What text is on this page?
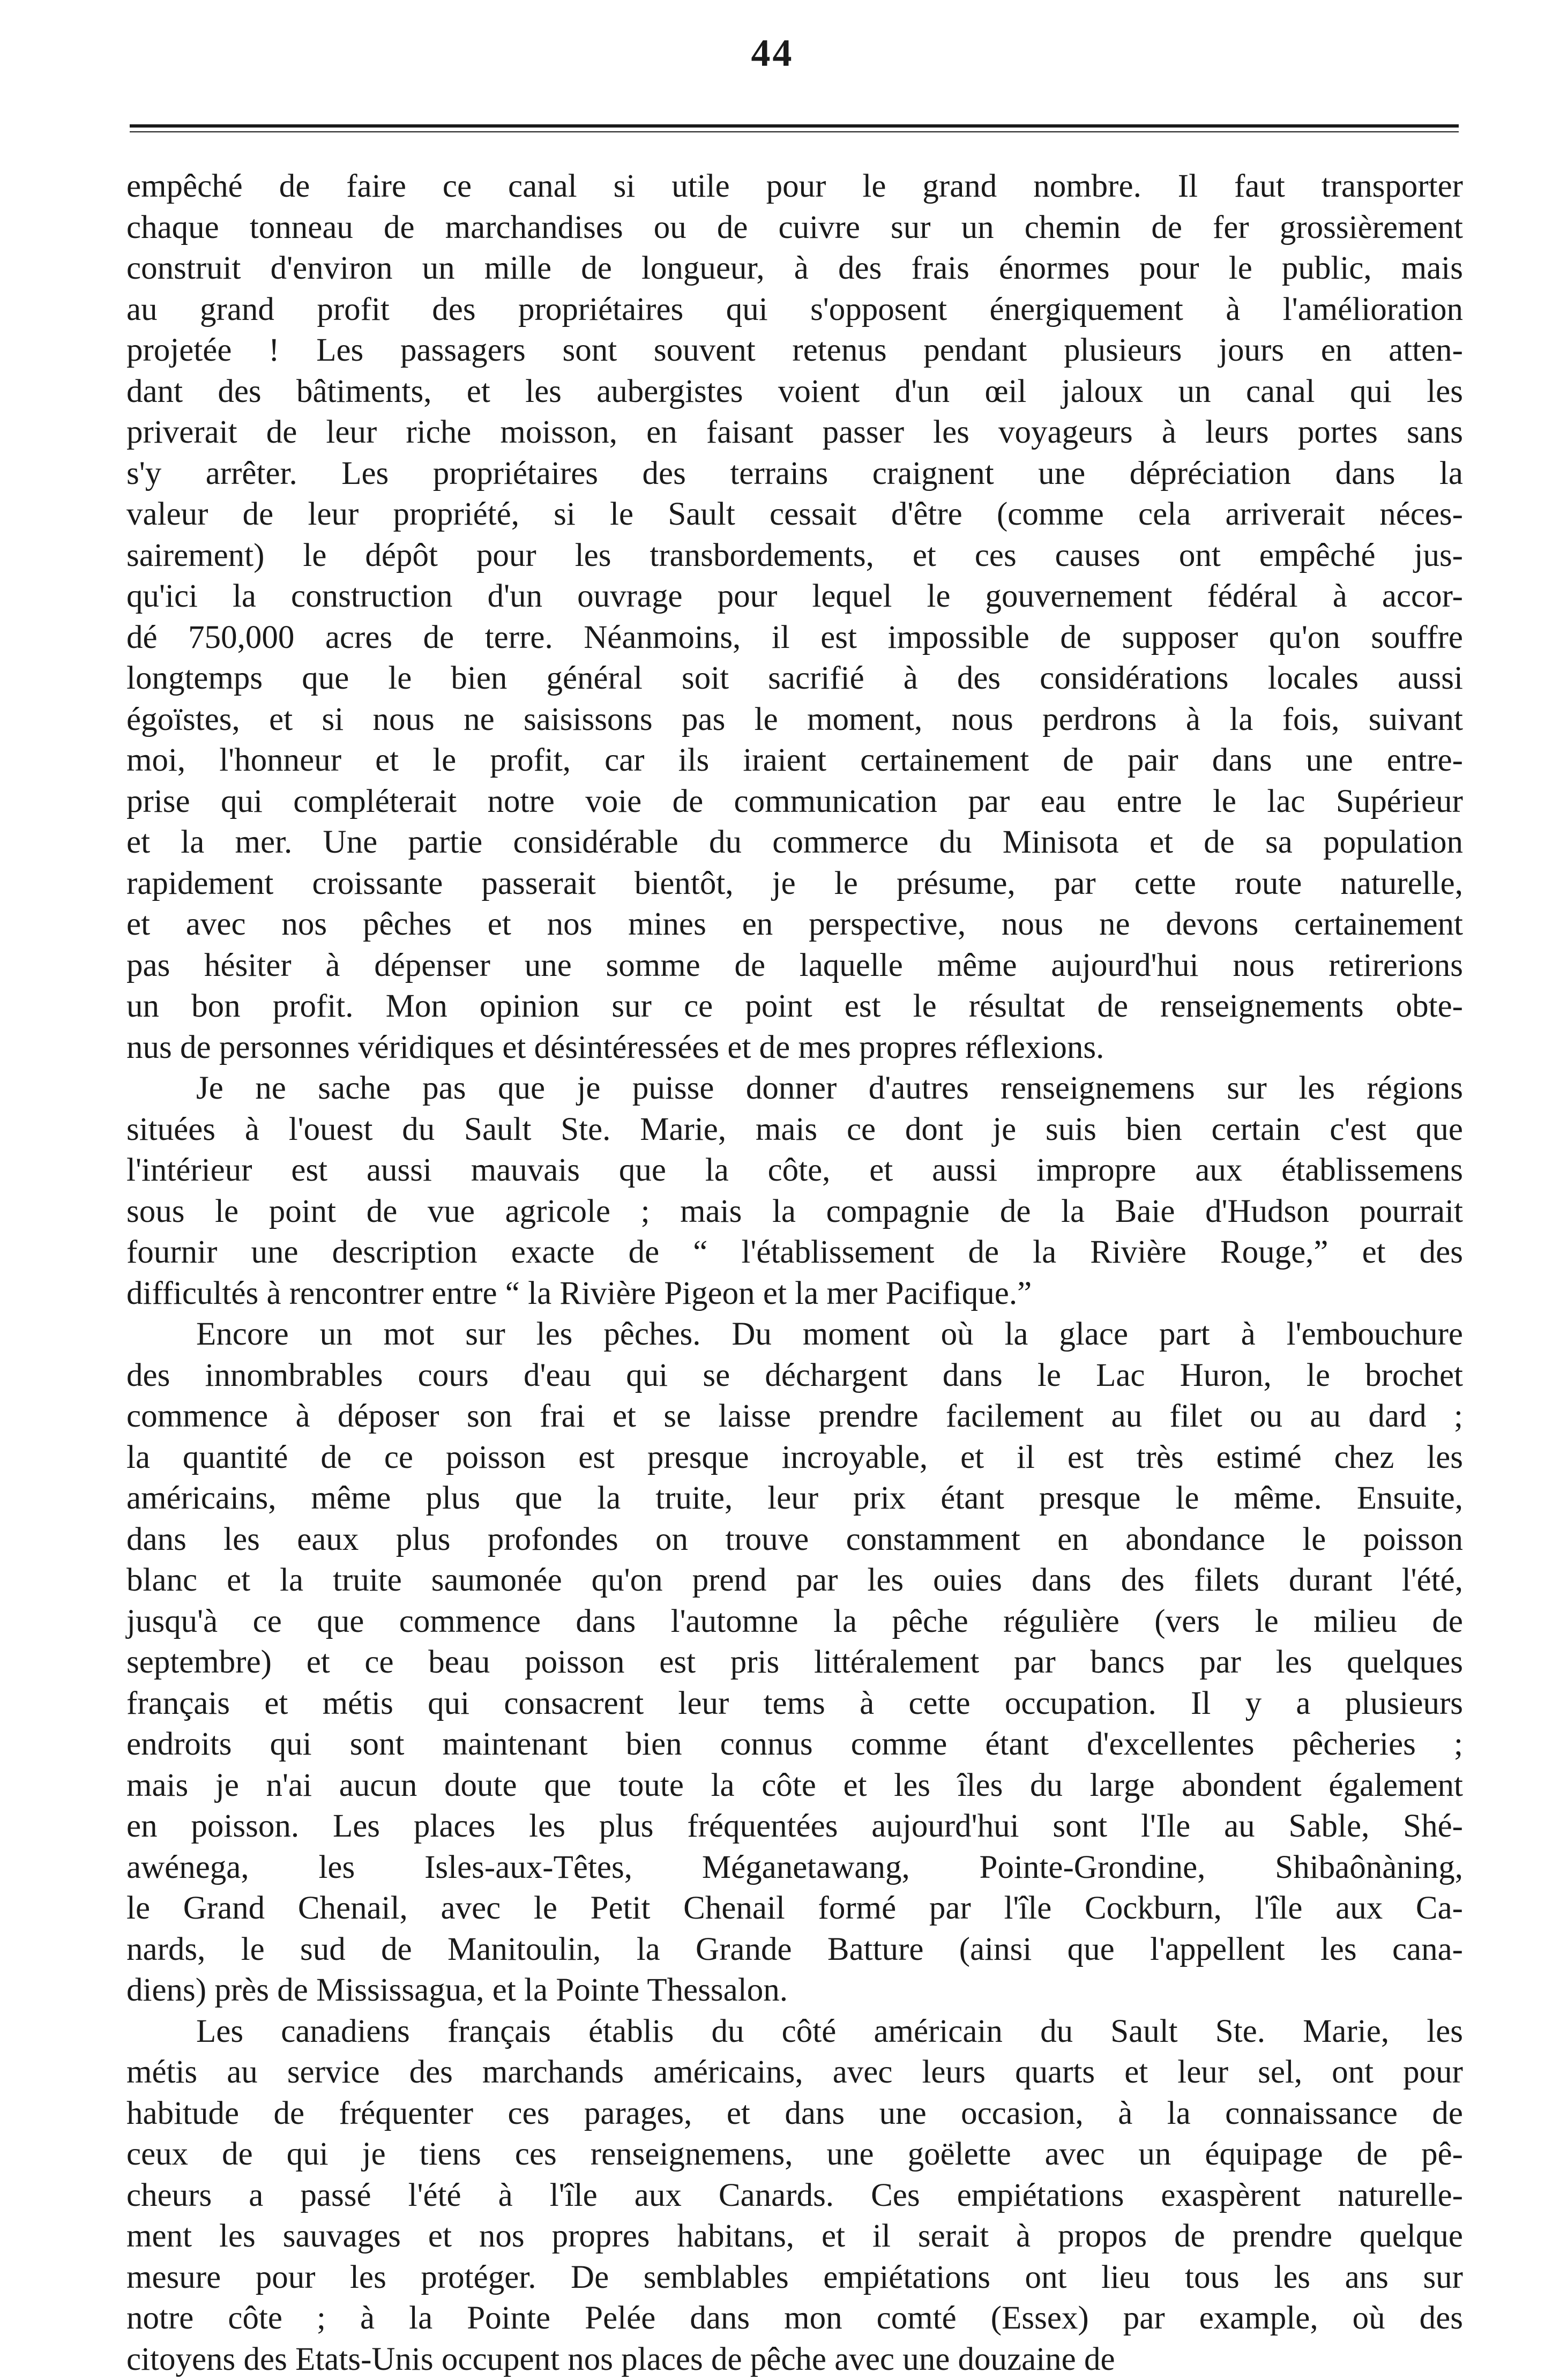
44
empêché de faire ce canal si utile pour le grand nombre. Il faut transporter
chaque tonneau de marchandises ou de cuivre sur un chemin de fer grossièrement
construit d'environ un mille de longueur, à des frais énormes pour le public, mais
au grand profit des propriétaires qui s'opposent énergiquement à l'amélioration
projetée ! Les passagers sont souvent retenus pendant plusieurs jours en atten-
dant des bâtiments, et les aubergistes voient d'un œil jaloux un canal qui les
priverait de leur riche moisson, en faisant passer les voyageurs à leurs portes sans
s'y arrêter. Les propriétaires des terrains craignent une dépréciation dans la
valeur de leur propriété, si le Sault cessait d'être (comme cela arriverait néces-
sairement) le dépôt pour les transbordements, et ces causes ont empêché jus-
qu'ici la construction d'un ouvrage pour lequel le gouvernement fédéral à accor-
dé 750,000 acres de terre. Néanmoins, il est impossible de supposer qu'on souffre
longtemps que le bien général soit sacrifié à des considérations locales aussi
égoïstes, et si nous ne saisissons pas le moment, nous perdrons à la fois, suivant
moi, l'honneur et le profit, car ils iraient certainement de pair dans une entre-
prise qui compléterait notre voie de communication par eau entre le lac Supérieur
et la mer. Une partie considérable du commerce du Minisota et de sa population
rapidement croissante passerait bientôt, je le présume, par cette route naturelle,
et avec nos pêches et nos mines en perspective, nous ne devons certainement
pas hésiter à dépenser une somme de laquelle même aujourd'hui nous retirerions
un bon profit. Mon opinion sur ce point est le résultat de renseignements obte-
nus de personnes véridiques et désintéressées et de mes propres réflexions.
Je ne sache pas que je puisse donner d'autres renseignemens sur les régions
situées à l'ouest du Sault Ste. Marie, mais ce dont je suis bien certain c'est que
l'intérieur est aussi mauvais que la côte, et aussi impropre aux établissemens
sous le point de vue agricole ; mais la compagnie de la Baie d'Hudson pourrait
fournir une description exacte de “ l'établissement de la Rivière Rouge,” et des
difficultés à rencontrer entre “ la Rivière Pigeon et la mer Pacifique.”
Encore un mot sur les pêches. Du moment où la glace part à l'embouchure
des innombrables cours d'eau qui se déchargent dans le Lac Huron, le brochet
commence à déposer son frai et se laisse prendre facilement au filet ou au dard ;
la quantité de ce poisson est presque incroyable, et il est très estimé chez les
américains, même plus que la truite, leur prix étant presque le même. Ensuite,
dans les eaux plus profondes on trouve constamment en abondance le poisson
blanc et la truite saumonée qu'on prend par les ouies dans des filets durant l'été,
jusqu'à ce que commence dans l'automne la pêche régulière (vers le milieu de
septembre) et ce beau poisson est pris littéralement par bancs par les quelques
français et métis qui consacrent leur tems à cette occupation. Il y a plusieurs
endroits qui sont maintenant bien connus comme étant d'excellentes pêcheries ;
mais je n'ai aucun doute que toute la côte et les îles du large abondent également
en poisson. Les places les plus fréquentées aujourd'hui sont l'Ile au Sable, Shé-
awénega, les Isles-aux-Têtes, Méganetawang, Pointe-Grondine, Shibaônàning,
le Grand Chenail, avec le Petit Chenail formé par l'île Cockburn, l'île aux Ca-
nards, le sud de Manitoulin, la Grande Batture (ainsi que l'appellent les cana-
diens) près de Mississagua, et la Pointe Thessalon.
Les canadiens français établis du côté américain du Sault Ste. Marie, les
métis au service des marchands américains, avec leurs quarts et leur sel, ont pour
habitude de fréquenter ces parages, et dans une occasion, à la connaissance de
ceux de qui je tiens ces renseignemens, une goëlette avec un équipage de pê-
cheurs a passé l'été à l'île aux Canards. Ces empiétations exaspèrent naturelle-
ment les sauvages et nos propres habitans, et il serait à propos de prendre quelque
mesure pour les protéger. De semblables empiétations ont lieu tous les ans sur
notre côte ; à la Pointe Pelée dans mon comté (Essex) par example, où des
citoyens des Etats-Unis occupent nos places de pêche avec une douzaine de
